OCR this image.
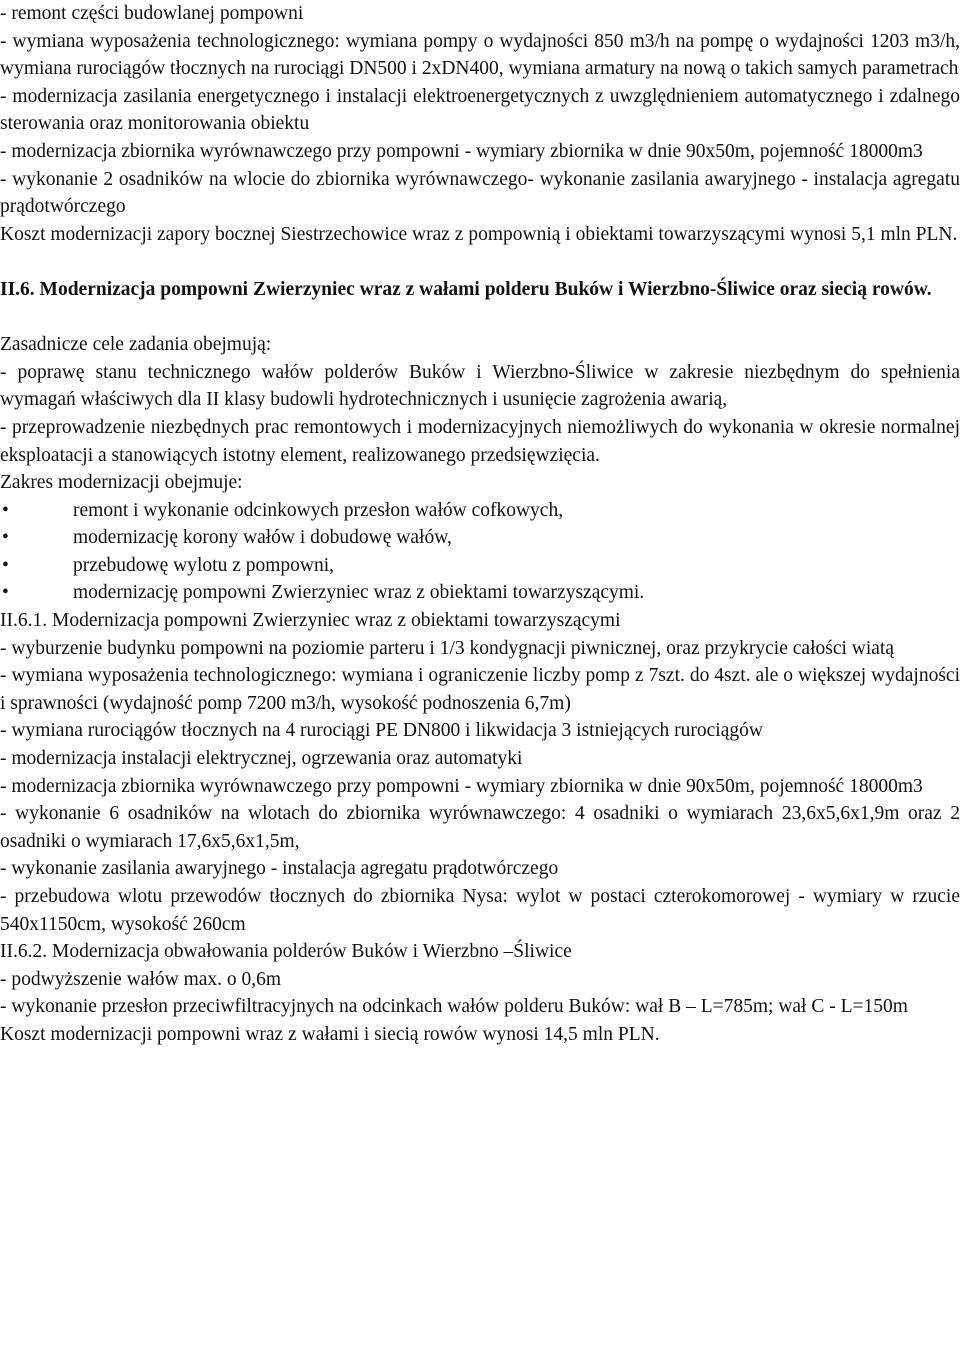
- remont części budowlanej pompowni

- wymiana wyposażenia technologicznego: wymiana pompy o wydajności 850 m3/h na pompę o wydajności 1203 m3/h, wymiana rurociągów tłocznych na rurociągi DN500 i 2xDN400, wymiana armatury na nową o takich samych parametrach

- modernizacja zasilania energetycznego i instalacji elektroenergetycznych z uwzględnieniem automatycznego i zdalnego sterowania oraz monitorowania obiektu

- modernizacja zbiornika wyrównawczego przy pompowni - wymiary zbiornika w dnie 90x50m, pojemność 18000m3

- wykonanie 2 osadników na wlocie do zbiornika wyrównawczego- wykonanie zasilania awaryjnego - instalacja agregatu prądotwórczego

Koszt modernizacji zapory bocznej Siestrzechowice wraz z pompownią i obiektami towarzyszącymi wynosi 5,1 mln PLN.

II.6. Modernizacja pompowni Zwierzyniec wraz z wałami polderu Buków i Wierzbno-Śliwice oraz siecią rowów.

Zasadnicze cele zadania obejmują:

- poprawę stanu technicznego wałów polderów Buków i Wierzbno-Śliwice w zakresie niezbędnym do spełnienia wymagań właściwych dla II klasy budowli hydrotechnicznych i usunięcie zagrożenia awarią,

- przeprowadzenie niezbędnych prac remontowych i modernizacyjnych niemożliwych do wykonania w okresie normalnej eksploatacji a stanowiących istotny element, realizowanego przedsięwzięcia.

Zakres modernizacji obejmuje:

•	remont i wykonanie odcinkowych przesłon wałów cofkowych,
•	modernizację korony wałów i dobudowę wałów,
•	przebudowę wylotu z pompowni,
•	modernizację pompowni Zwierzyniec wraz z obiektami towarzyszącymi.

II.6.1. Modernizacja pompowni Zwierzyniec wraz z obiektami towarzyszącymi

- wyburzenie budynku pompowni na poziomie parteru i 1/3 kondygnacji piwnicznej, oraz przykrycie całości wiatą

- wymiana wyposażenia technologicznego: wymiana i ograniczenie liczby pomp z 7szt. do 4szt. ale o większej wydajności i sprawności (wydajność pomp 7200 m3/h, wysokość podnoszenia 6,7m)

- wymiana rurociągów tłocznych na 4 rurociągi PE DN800 i likwidacja 3 istniejących rurociągów

- modernizacja instalacji elektrycznej, ogrzewania oraz automatyki

- modernizacja zbiornika wyrównawczego przy pompowni - wymiary zbiornika w dnie 90x50m, pojemność 18000m3

- wykonanie 6 osadników na wlotach do zbiornika wyrównawczego: 4 osadniki o wymiarach 23,6x5,6x1,9m oraz 2 osadniki o wymiarach 17,6x5,6x1,5m,

- wykonanie zasilania awaryjnego - instalacja agregatu prądotwórczego

- przebudowa wlotu przewodów tłocznych do zbiornika Nysa: wylot w postaci czterokomorowej - wymiary w rzucie 540x1150cm, wysokość 260cm

II.6.2. Modernizacja obwałowania polderów Buków i Wierzbno –Śliwice

- podwyższenie wałów max. o 0,6m

- wykonanie przesłon przeciwfiltracyjnych na odcinkach wałów polderu Buków: wał B – L=785m; wał C - L=150m

Koszt modernizacji pompowni wraz z wałami i siecią rowów wynosi 14,5 mln PLN.
